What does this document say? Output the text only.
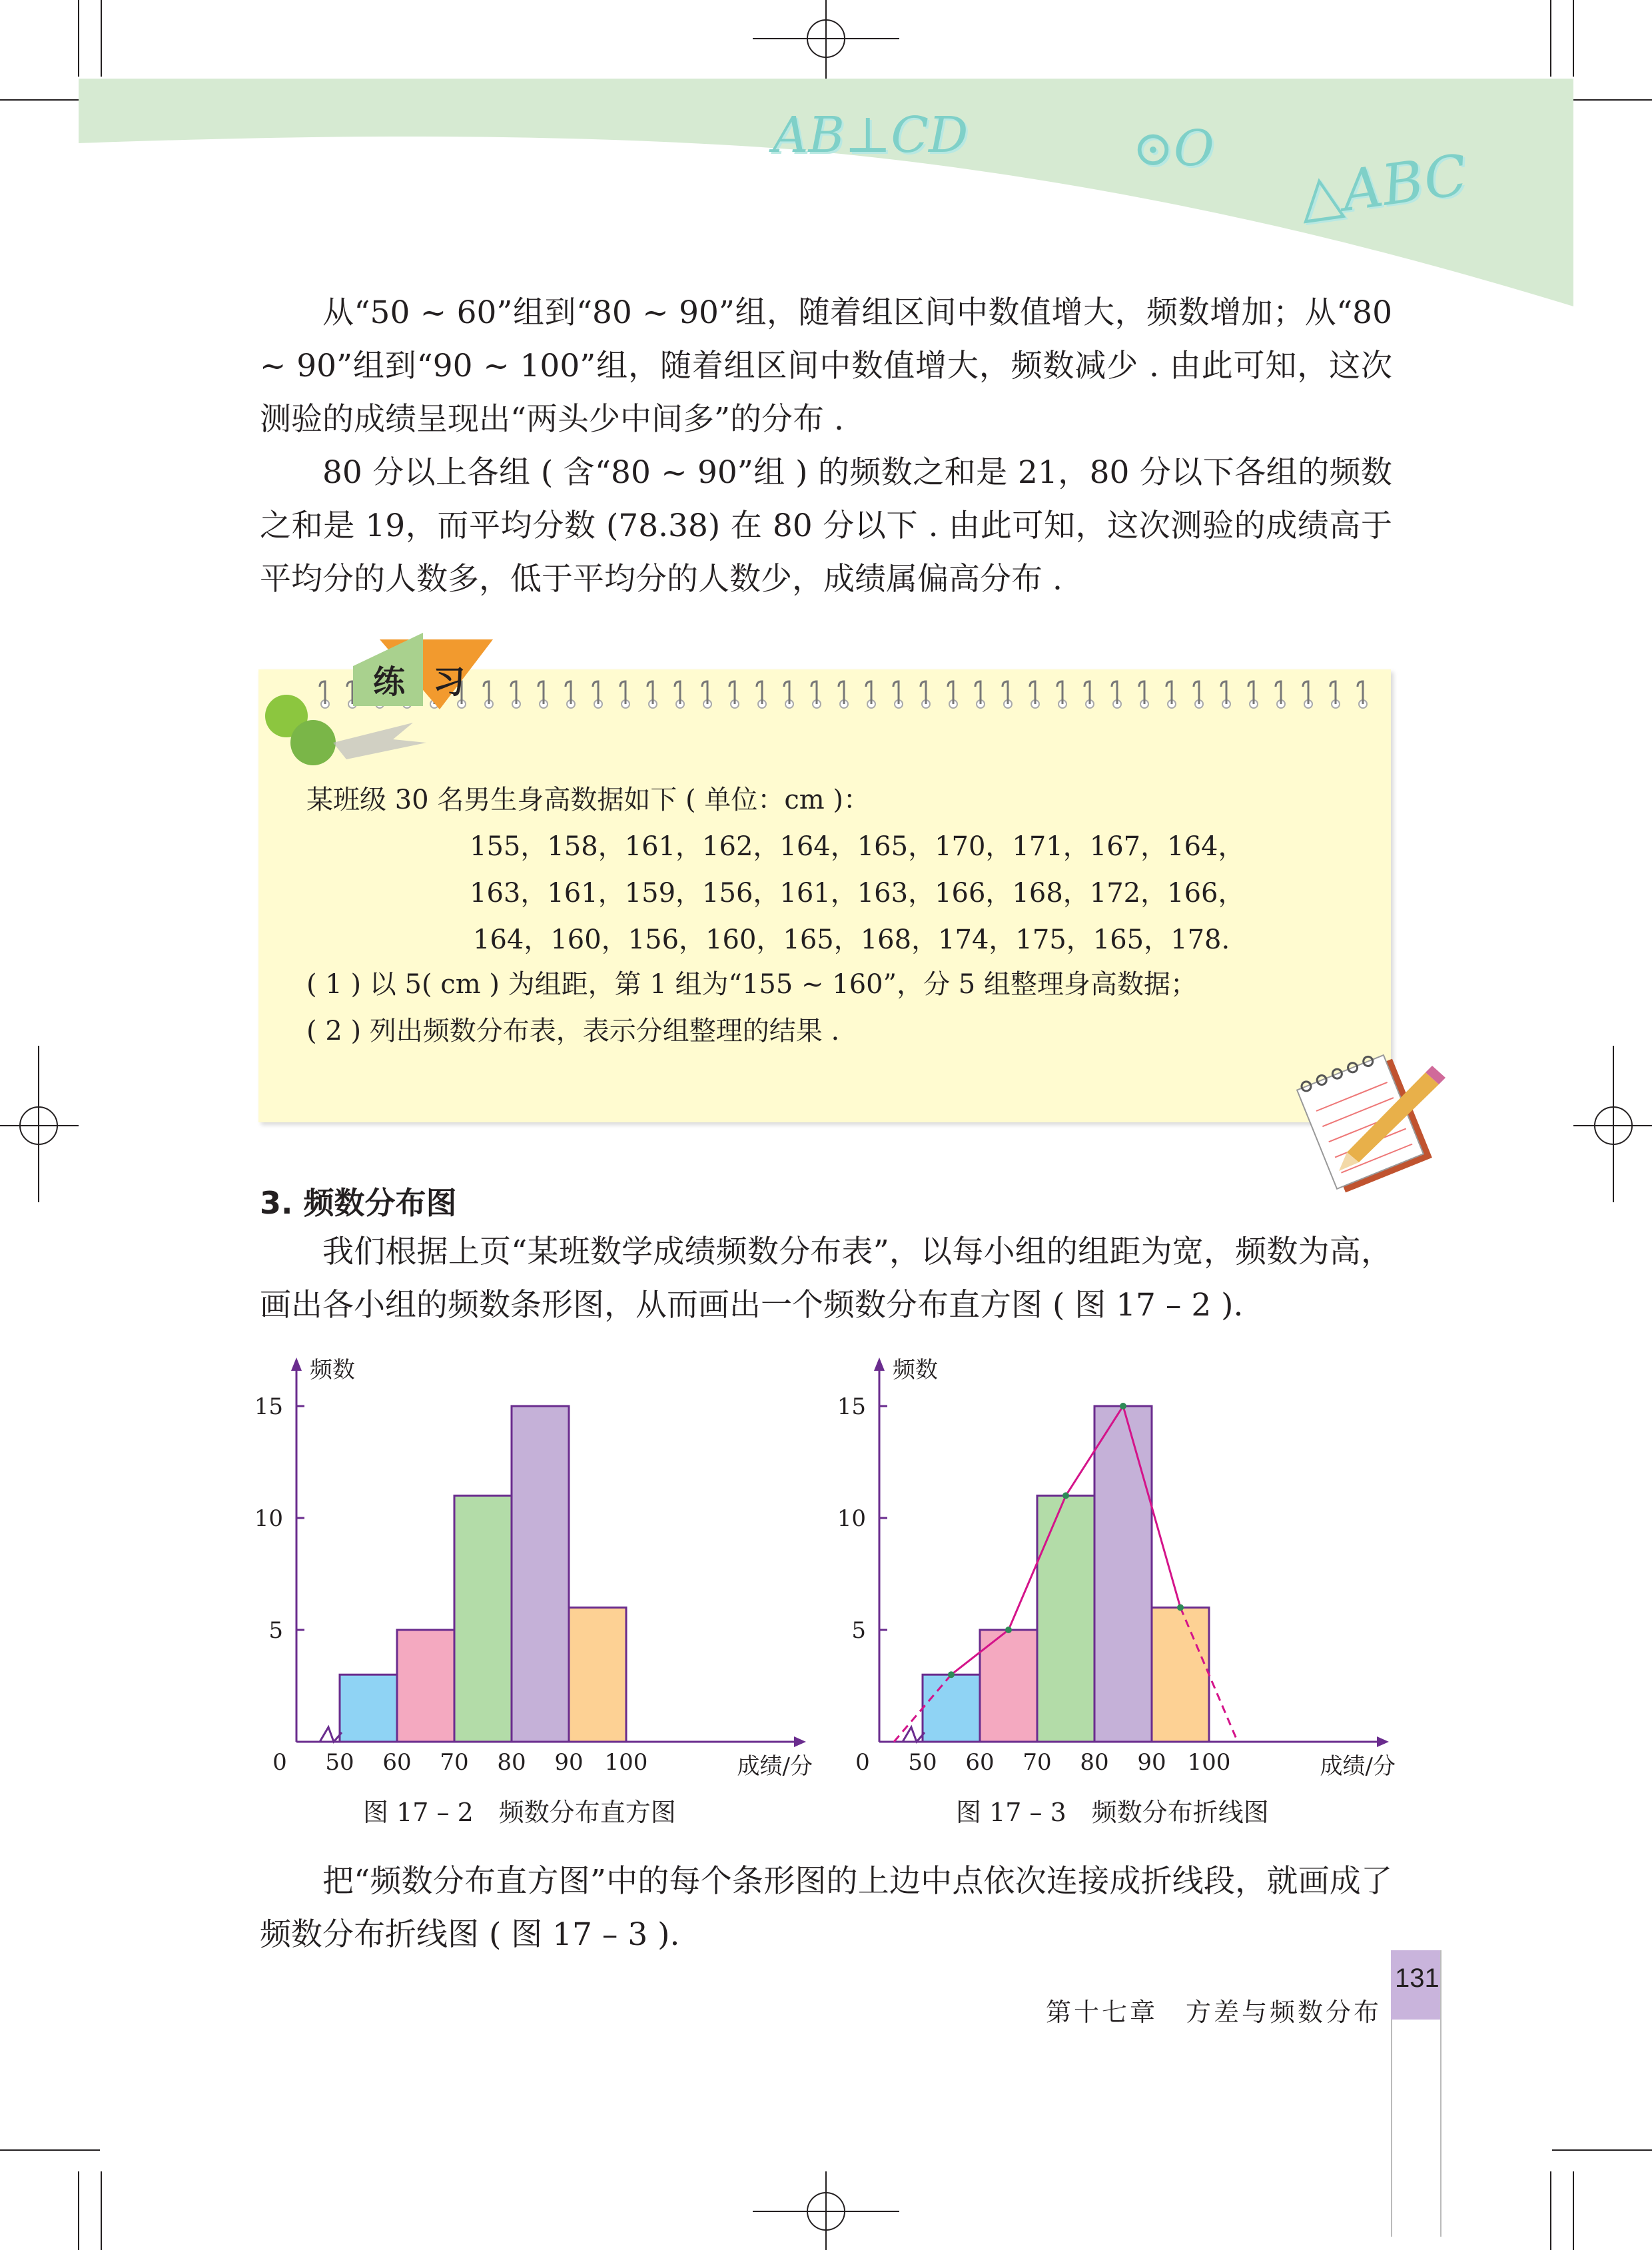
AB⊥CD	⊙O △ABC

从“50 ~ 60”组到“80 ~ 90”组，随着组区间中数值增大，频数增加；从“80 ~ 90”组到“90 ~ 100”组，随着组区间中数值增大，频数减少 . 由此可知，这次测验的成绩呈现出“两头少中间多”的分布 .

80 分以上各组 ( 含“80 ~ 90”组 ) 的频数之和是 21，80 分以下各组的频数之和是 19，而平均分数 (78.38) 在 80 分以下 . 由此可知，这次测验的成绩高于平均分的人数多，低于平均分的人数少，成绩属偏高分布 .

练 习
某班级 30 名男生身高数据如下 ( 单位：cm )：
155，158，161，162，164，165，170，171，167，164，
163，161，159，156，161，163，166，168，172，166，
164，160，156，160，165，168，174，175，165，178.
( 1 ) 以 5( cm ) 为组距，第 1 组为“155 ~ 160”，分 5 组整理身高数据；
( 2 ) 列出频数分布表，表示分组整理的结果 .
3. 频数分布图

我们根据上页“某班数学成绩频数分布表”，以每小组的组距为宽，频数为高，画出各小组的频数条形图，从而画出一个频数分布直方图 ( 图 17 – 2 ).

5
10
15
50 60 70 80 90 100
0
频数
成绩/分
5
10
15
50 60 70 80 90 100
0
频数
成绩/分
图 17 – 2　频数分布直方图	图 17 – 3　频数分布折线图

把“频数分布直方图”中的每个条形图的上边中点依次连接成折线段，就画成了频数分布折线图 ( 图 17 – 3 ).

131
第十七章　方差与频数分布
